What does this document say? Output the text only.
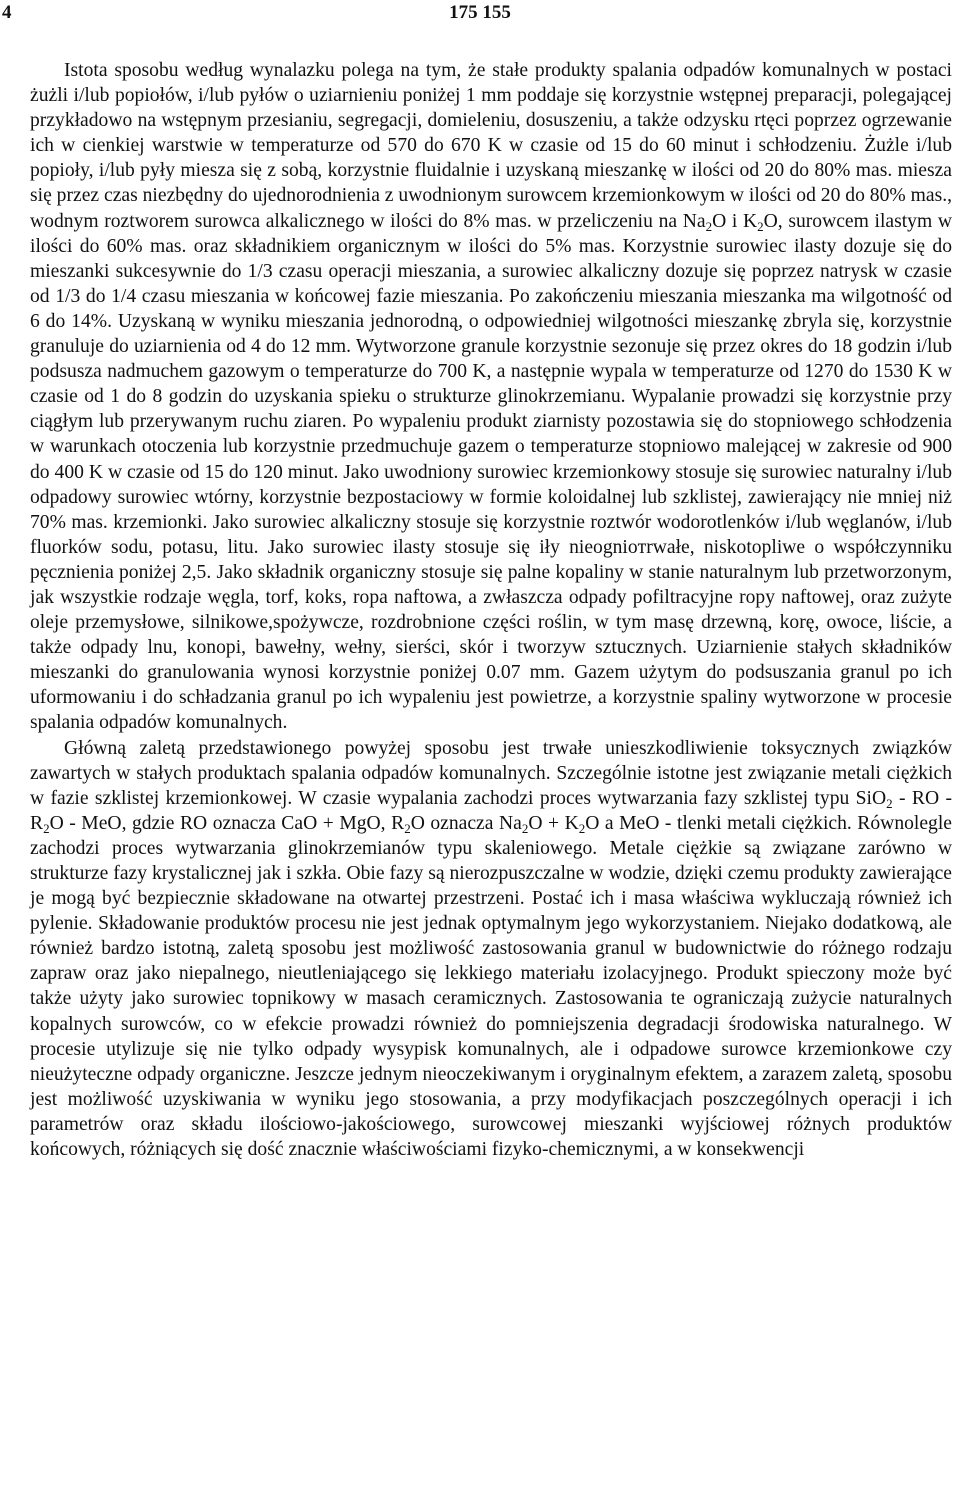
4	175 155

Istota sposobu według wynalazku polega na tym, że stałe produkty spalania odpadów komunalnych w postaci żużli i/lub popiołów, i/lub pyłów o uziarnieniu poniżej 1 mm poddaje się korzystnie wstępnej preparacji, polegającej przykładowo na wstępnym przesianiu, segregacji, domieleniu, dosuszeniu, a także odzysku rtęci poprzez ogrzewanie ich w cienkiej warstwie w temperaturze od 570 do 670 K w czasie od 15 do 60 minut i schłodzeniu. Żużle i/lub popioły, i/lub pyły miesza się z sobą, korzystnie fluidalnie i uzyskaną mieszankę w ilości od 20 do 80% mas. miesza się przez czas niezbędny do ujednorodnienia z uwodnionym surowcem krzemionkowym w ilości od 20 do 80% mas., wodnym roztworem surowca alkalicznego w ilości do 8% mas. w przeliczeniu na $Na_2O$ i $K_2O$, surowcem ilastym w ilości do 60% mas. oraz składnikiem organicznym w ilości do 5% mas. Korzystnie surowiec ilasty dozuje się do mieszanki sukcesywnie do 1/3 czasu operacji mieszania, a surowiec alkaliczny dozuje się poprzez natrysk w czasie od 1/3 do 1/4 czasu mieszania w końcowej fazie mieszania. Po zakończeniu mieszania mieszanka ma wilgotność od 6 do 14%. Uzyskaną w wyniku mieszania jednorodną, o odpowiedniej wilgotności mieszankę zbryla się, korzystnie granuluje do uziarnienia od 4 do 12 mm. Wytworzone granule korzystnie sezonuje się przez okres do 18 godzin i/lub podsusza nadmuchem gazowym o temperaturze do 700 K, a następnie wypala w temperaturze od 1270 do 1530 K w czasie od 1 do 8 godzin do uzyskania spieku o strukturze glinokrzemianu. Wypalanie prowadzi się korzystnie przy ciągłym lub przerywanym ruchu ziaren. Po wypaleniu produkt ziarnisty pozostawia się do stopniowego schłodzenia w warunkach otoczenia lub korzystnie przedmuchuje gazem o temperaturze stopniowo malejącej w zakresie od 900 do 400 K w czasie od 15 do 120 minut. Jako uwodniony surowiec krzemionkowy stosuje się surowiec naturalny i/lub odpadowy surowiec wtórny, korzystnie bezpostaciowy w formie koloidalnej lub szklistej, zawierający nie mniej niż 70% mas. krzemionki. Jako surowiec alkaliczny stosuje się korzystnie roztwór wodorotlenków i/lub węglanów, i/lub fluorków sodu, potasu, litu. Jako surowiec ilasty stosuje się iły nieognioтrwałe, niskotopliwe o współczynniku pęcznienia poniżej 2,5. Jako składnik organiczny stosuje się palne kopaliny w stanie naturalnym lub przetworzonym, jak wszystkie rodzaje węgla, torf, koks, ropa naftowa, a zwłaszcza odpady pofiltracyjne ropy naftowej, oraz zużyte oleje przemysłowe, silnikowe,spożywcze, rozdrobnione części roślin, w tym masę drzewną, korę, owoce, liście, a także odpady lnu, konopi, bawełny, wełny, sierści, skór i tworzyw sztucznych. Uziarnienie stałych składników mieszanki do granulowania wynosi korzystnie poniżej 0.07 mm. Gazem użytym do podsuszania granul po ich uformowaniu i do schładzania granul po ich wypaleniu jest powietrze, a korzystnie spaliny wytworzone w procesie spalania odpadów komunalnych.

Główną zaletą przedstawionego powyżej sposobu jest trwałe unieszkodliwienie toksycznych związków zawartych w stałych produktach spalania odpadów komunalnych. Szczególnie istotne jest związanie metali ciężkich w fazie szklistej krzemionkowej. W czasie wypalania zachodzi proces wytwarzania fazy szklistej typu SiO$_2$ - RO - $R_2O$ - MeO, gdzie RO oznacza CaO + MgO, $R_2O$ oznacza $Na_2O + K_2O$ a MeO - tlenki metali ciężkich. Równolegle zachodzi proces wytwarzania glinokrzemianów typu skaleniowego. Metale ciężkie są związane zarówno w strukturze fazy krystalicznej jak i szkła. Obie fazy są nierozpuszczalne w wodzie, dzięki czemu produkty zawierające je mogą być bezpiecznie składowane na otwartej przestrzeni. Postać ich i masa właściwa wykluczają również ich pylenie. Składowanie produktów procesu nie jest jednak optymalnym jego wykorzystaniem. Niejako dodatkową, ale również bardzo istotną, zaletą sposobu jest możliwość zastosowania granul w budownictwie do różnego rodzaju zapraw oraz jako niepalnego, nieutleniającego się lekkiego materiału izolacyjnego. Produkt spieczony może być także użyty jako surowiec topnikowy w masach ceramicznych. Zastosowania te ograniczają zużycie naturalnych kopalnych surowców, co w efekcie prowadzi również do pomniejszenia degradacji środowiska naturalnego. W procesie utylizuje się nie tylko odpady wysypisk komunalnych, ale i odpadowe surowce krzemionkowe czy nieużyteczne odpady organiczne. Jeszcze jednym nieoczekiwanym i oryginalnym efektem, a zarazem zaletą, sposobu jest możliwość uzyskiwania w wyniku jego stosowania, a przy modyfikacjach poszczególnych operacji i ich parametrów oraz składu ilościowo-jakościowego, surowcowej mieszanki wyjściowej różnych produktów końcowych, różniących się dość znacznie właściwościami fizyko-chemicznymi, a w konsekwencji
